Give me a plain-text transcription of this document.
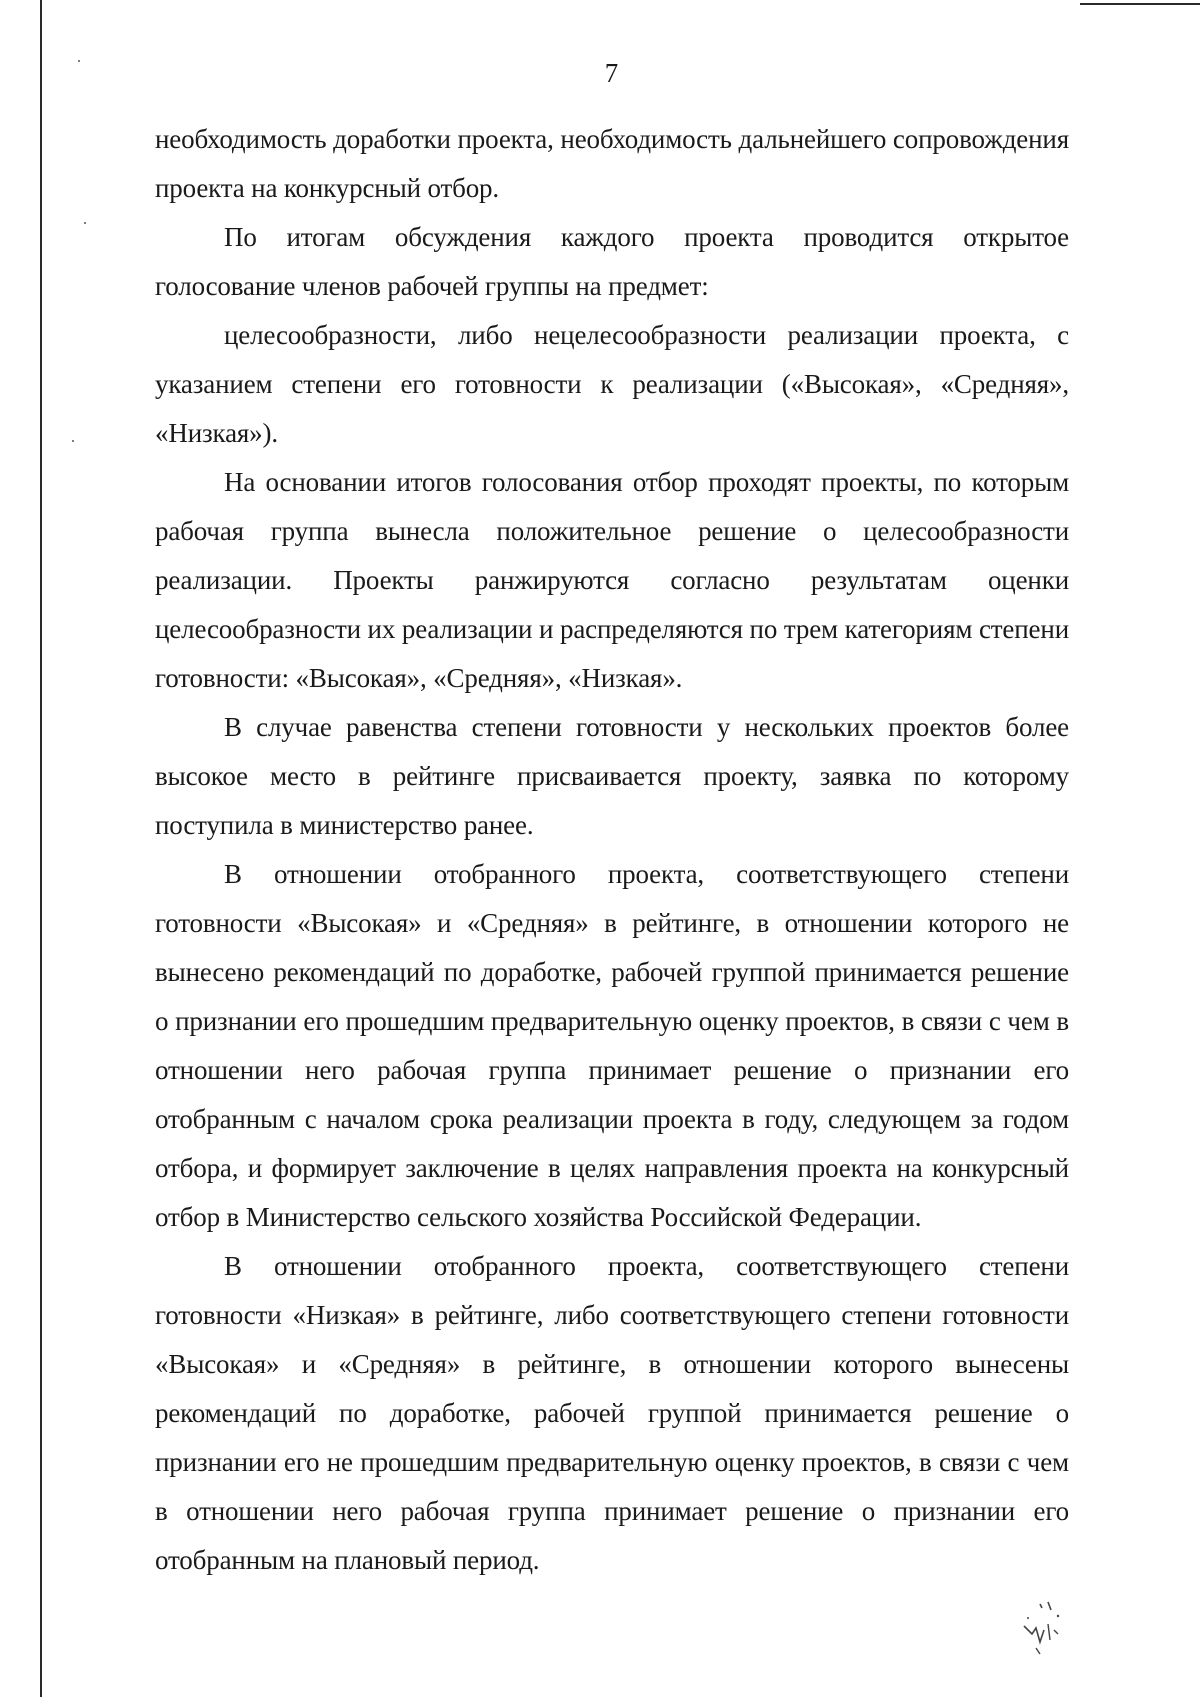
7

необходимость доработки проекта, необходимость дальнейшего сопровождения проекта на конкурсный отбор.

По итогам обсуждения каждого проекта проводится открытое голосование членов рабочей группы на предмет:

целесообразности, либо нецелесообразности реализации проекта, с указанием степени его готовности к реализации («Высокая», «Средняя», «Низкая»).

На основании итогов голосования отбор проходят проекты, по которым рабочая группа вынесла положительное решение о целесообразности реализации. Проекты ранжируются согласно результатам оценки целесообразности их реализации и распределяются по трем категориям степени готовности: «Высокая», «Средняя», «Низкая».

В случае равенства степени готовности у нескольких проектов более высокое место в рейтинге присваивается проекту, заявка по которому поступила в министерство ранее.

В отношении отобранного проекта, соответствующего степени готовности «Высокая» и «Средняя» в рейтинге, в отношении которого не вынесено рекомендаций по доработке, рабочей группой принимается решение о признании его прошедшим предварительную оценку проектов, в связи с чем в отношении него рабочая группа принимает решение о признании его отобранным с началом срока реализации проекта в году, следующем за годом отбора, и формирует заключение в целях направления проекта на конкурсный отбор в Министерство сельского хозяйства Российской Федерации.

В отношении отобранного проекта, соответствующего степени готовности «Низкая» в рейтинге, либо соответствующего степени готовности «Высокая» и «Средняя» в рейтинге, в отношении которого вынесены рекомендаций по доработке, рабочей группой принимается решение о признании его не прошедшим предварительную оценку проектов, в связи с чем в отношении него рабочая группа принимает решение о признании его отобранным на плановый период.
